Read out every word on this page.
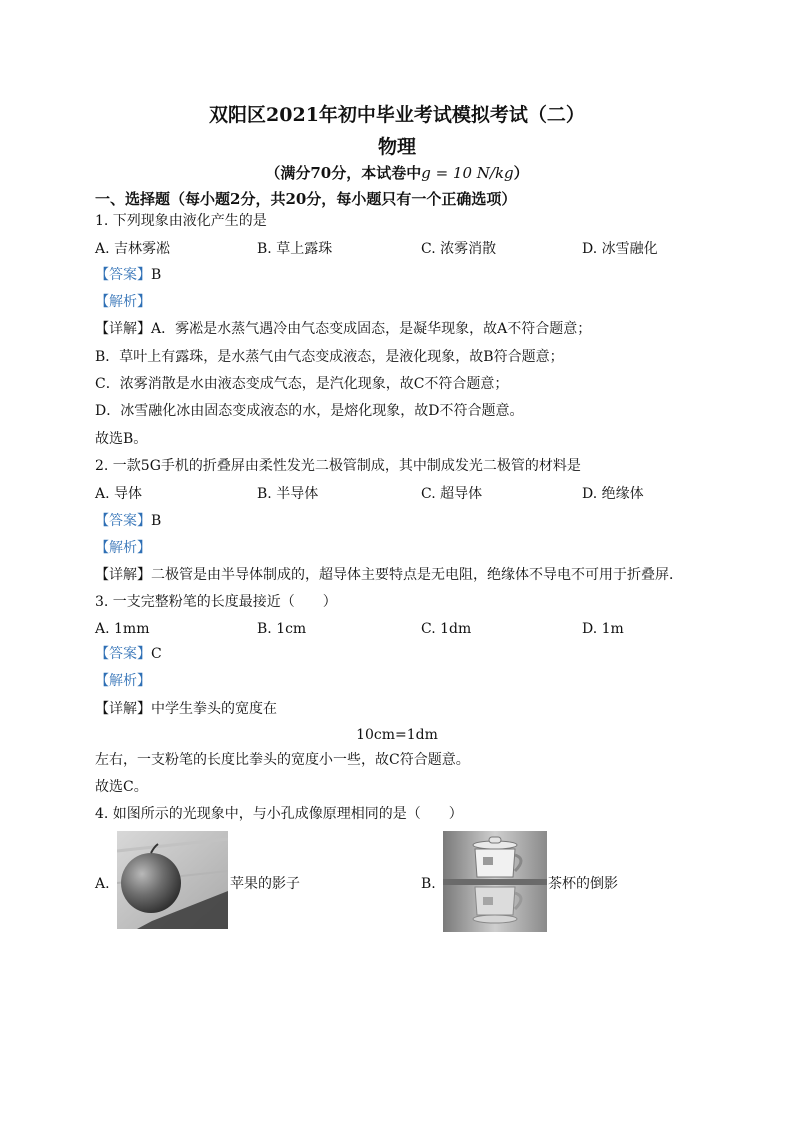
双阳区2021年初中毕业考试模拟考试（二）
物理
（满分70分，本试卷中g = 10 N/kg）
一、选择题（每小题2分，共20分，每小题只有一个正确选项）
1. 下列现象由液化产生的是
A. 吉林雾凇	B. 草上露珠	C. 浓雾消散	D. 冰雪融化
【答案】B
【解析】
【详解】A．雾凇是水蒸气遇冷由气态变成固态，是凝华现象，故A不符合题意；
B．草叶上有露珠，是水蒸气由气态变成液态，是液化现象，故B符合题意；
C．浓雾消散是水由液态变成气态，是汽化现象，故C不符合题意；
D．冰雪融化冰由固态变成液态的水，是熔化现象，故D不符合题意。
故选B。
2. 一款5G手机的折叠屏由柔性发光二极管制成，其中制成发光二极管的材料是
A. 导体	B. 半导体	C. 超导体	D. 绝缘体
【答案】B
【解析】
【详解】二极管是由半导体制成的，超导体主要特点是无电阻，绝缘体不导电不可用于折叠屏．
3. 一支完整粉笔的长度最接近（　　）
A. 1mm	B. 1cm	C. 1dm	D. 1m
【答案】C
【解析】
【详解】中学生拳头的宽度在
10cm=1dm
左右，一支粉笔的长度比拳头的宽度小一些，故C符合题意。
故选C。
4. 如图所示的光现象中，与小孔成像原理相同的是（　　）
A.	苹果的影子	B.	茶杯的倒影
